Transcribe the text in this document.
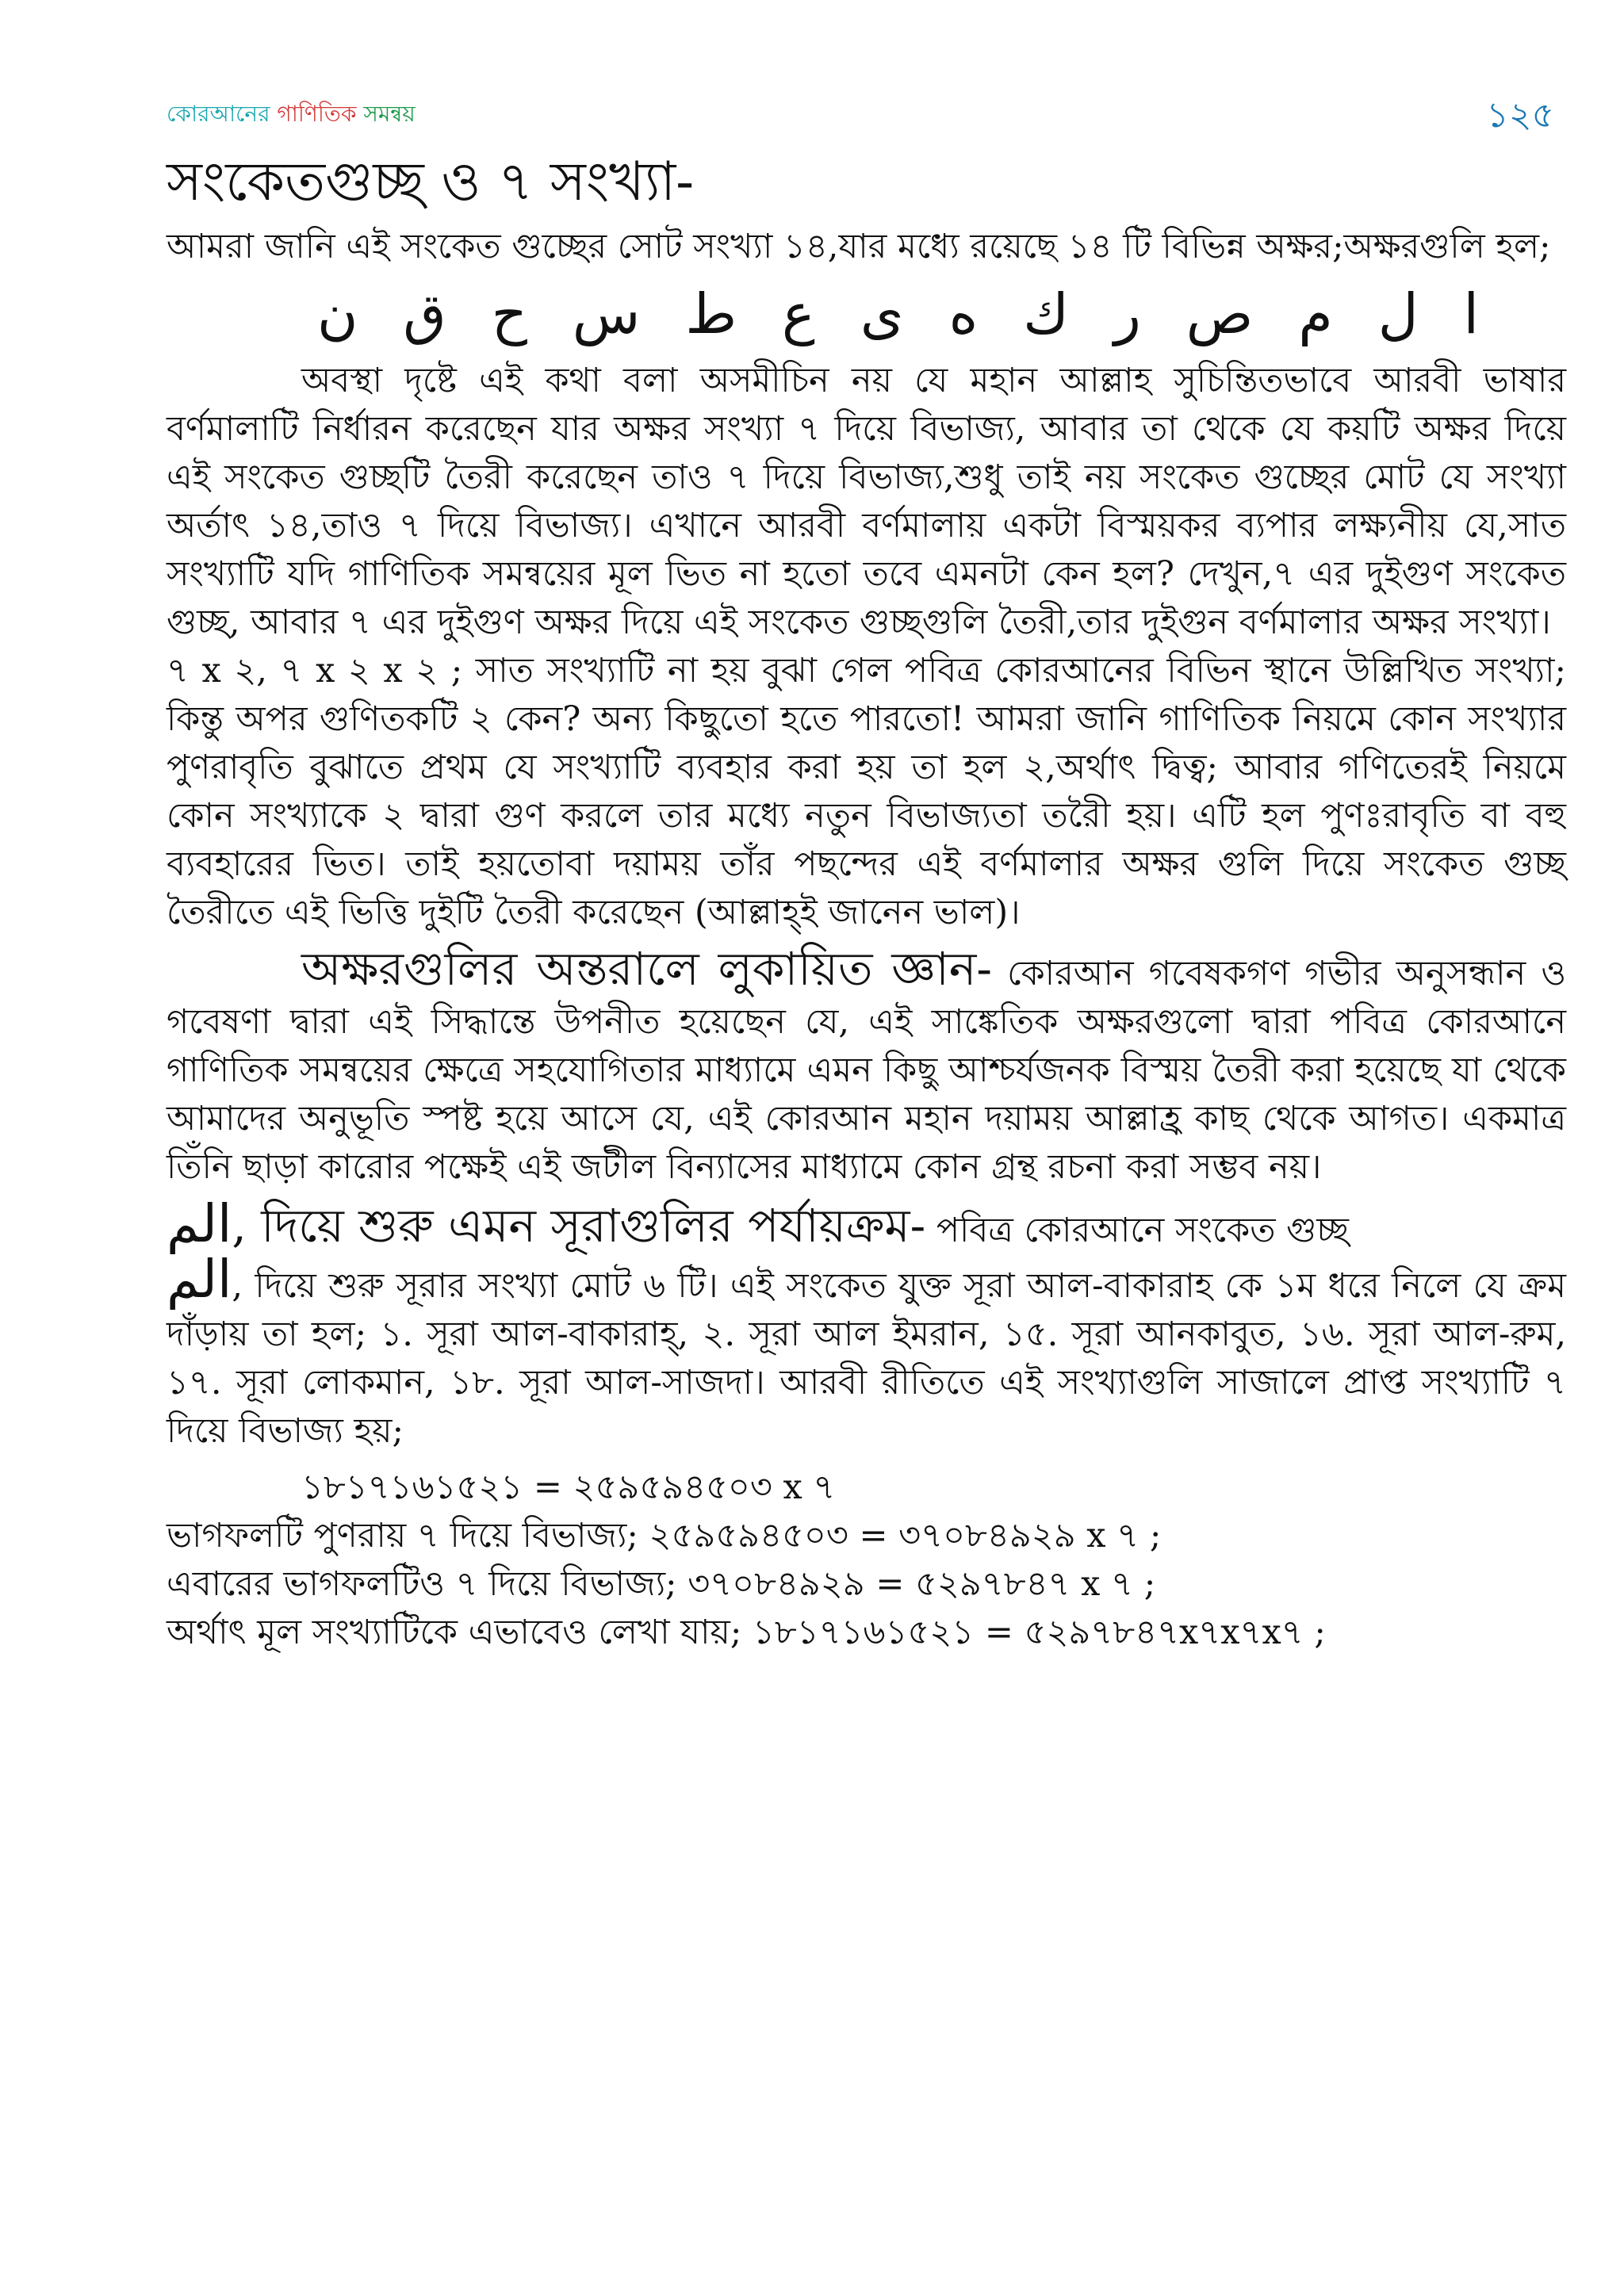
কোরআনের গাণিতিক সমন্বয়	১২৫
সংকেতগুচ্ছ ও ৭ সংখ্যা-

আমরা জানি এই সংকেত গুচ্ছের সোট সংখ্যা ১৪,যার মধ্যে রয়েছে ১৪ টি বিভিন্ন অক্ষর;অক্ষরগুলি হল;

ا
ل
م
ص
ر
ك
ه
ى
ع
ط
س
ح
ق
ن

অবস্থা দৃষ্টে এই কথা বলা অসমীচিন নয় যে মহান আল্লাহ সুচিন্তিতভাবে আরবী ভাষার বর্ণমালাটি নির্ধারন করেছেন যার অক্ষর সংখ্যা ৭ দিয়ে বিভাজ্য, আবার তা থেকে যে কয়টি অক্ষর দিয়ে এই সংকেত গুচ্ছটি তৈরী করেছেন তাও ৭ দিয়ে বিভাজ্য,শুধু তাই নয় সংকেত গুচ্ছের মোট যে সংখ্যা অর্তাৎ ১৪,তাও ৭ দিয়ে বিভাজ্য। এখানে আরবী বর্ণমালায় একটা বিস্ময়কর ব্যপার লক্ষ্যনীয় যে,সাত সংখ্যাটি যদি গাণিতিক সমন্বয়ের মূল ভিত না হতো তবে এমনটা কেন হল? দেখুন,৭ এর দুইগুণ সংকেত গুচ্ছ, আবার ৭ এর দুইগুণ অক্ষর দিয়ে এই সংকেত গুচ্ছগুলি তৈরী,তার দুইগুন বর্ণমালার অক্ষর সংখ্যা।

৭ x ২, ৭ x ২ x ২ ; সাত সংখ্যাটি না হয় বুঝা গেল পবিত্র কোরআনের বিভিন স্থানে উল্লিখিত সংখ্যা; কিন্তু অপর গুণিতকটি ২ কেন? অন্য কিছুতো হতে পারতো! আমরা জানি গাণিতিক নিয়মে কোন সংখ্যার পুণরাবৃতি বুঝাতে প্রথম যে সংখ্যাটি ব্যবহার করা হয় তা হল ২,অর্থাৎ দ্বিত্ব; আবার গণিতেরই নিয়মে কোন সংখ্যাকে ২ দ্বারা গুণ করলে তার মধ্যে নতুন বিভাজ্যতা তরৈী হয়। এটি হল পুণঃরাবৃতি বা বহু ব্যবহারের ভিত। তাই হয়তোবা দয়াময় তাঁর পছন্দের এই বর্ণমালার অক্ষর গুলি দিয়ে সংকেত গুচ্ছ তৈরীতে এই ভিত্তি দুইটি তৈরী করেছেন (আল্লাহ্ই জানেন ভাল)।

অক্ষরগুলির অন্তরালে লুকায়িত জ্ঞান- কোরআন গবেষকগণ গভীর অনুসন্ধান ও গবেষণা দ্বারা এই সিদ্ধান্তে উপনীত হয়েছেন যে, এই সাঙ্কেতিক অক্ষরগুলো দ্বারা পবিত্র কোরআনে গাণিতিক সমন্বয়ের ক্ষেত্রে সহযোগিতার মাধ্যামে এমন কিছু আশ্চর্যজনক বিস্ময় তৈরী করা হয়েছে যা থেকে আমাদের অনুভূতি স্পষ্ট হয়ে আসে যে, এই কোরআন মহান দয়াময় আল্লাহ্র কাছ থেকে আগত। একমাত্র তিঁনি ছাড়া কারোর পক্ষেই এই জটীল বিন্যাসের মাধ্যামে কোন গ্রন্থ রচনা করা সম্ভব নয়।

الم, দিয়ে শুরু এমন সূরাগুলির পর্যায়ক্রম- পবিত্র কোরআনে সংকেত গুচ্ছ

الم, দিয়ে শুরু সূরার সংখ্যা মোট ৬ টি। এই সংকেত যুক্ত সূরা আল-বাকারাহ কে ১ম ধরে নিলে যে ক্রম দাঁড়ায় তা হল; ১. সূরা আল-বাকারাহ্, ২. সূরা আল ইমরান, ১৫. সূরা আনকাবুত, ১৬. সূরা আল-রুম, ১৭. সূরা লোকমান, ১৮. সূরা আল-সাজদা। আরবী রীতিতে এই সংখ্যাগুলি সাজালে প্রাপ্ত সংখ্যাটি ৭ দিয়ে বিভাজ্য হয়;

১৮১৭১৬১৫২১ = ২৫৯৫৯৪৫০৩ x ৭

ভাগফলটি পুণরায় ৭ দিয়ে বিভাজ্য; ২৫৯৫৯৪৫০৩ = ৩৭০৮৪৯২৯ x ৭ ;

এবারের ভাগফলটিও ৭ দিয়ে বিভাজ্য; ৩৭০৮৪৯২৯ = ৫২৯৭৮৪৭ x ৭ ;

অর্থাৎ মূল সংখ্যাটিকে এভাবেও লেখা যায়; ১৮১৭১৬১৫২১ = ৫২৯৭৮৪৭x৭x৭x৭ ;
